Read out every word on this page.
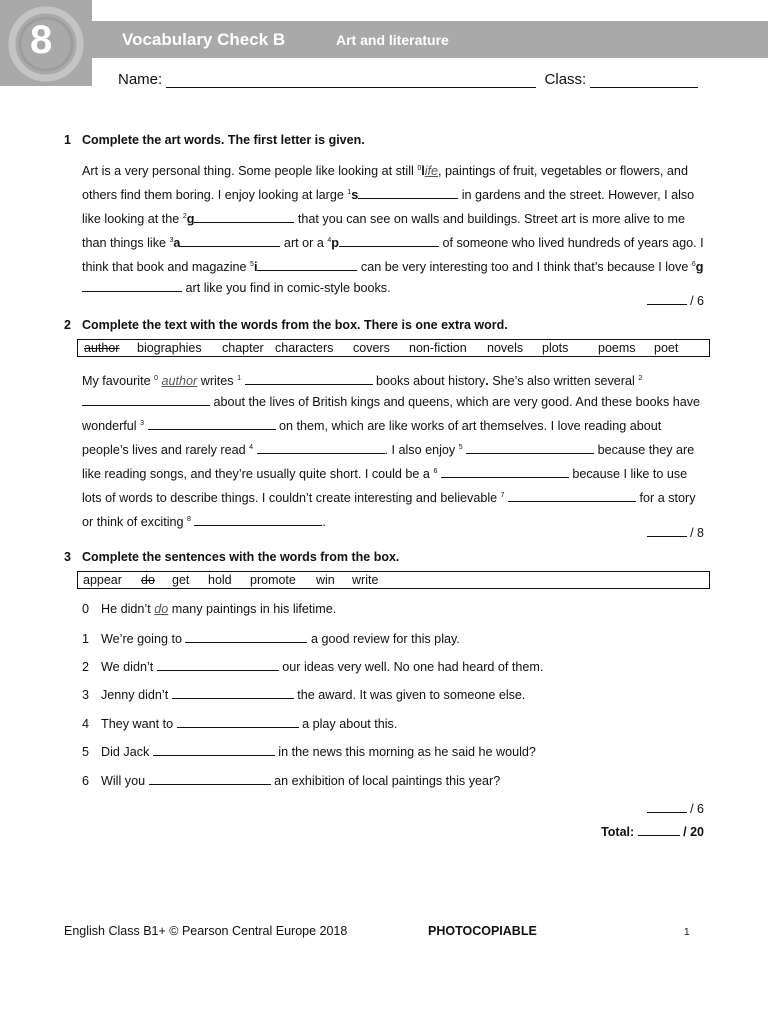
8	Vocabulary Check B	Art and literature
Name:	Class:
1 Complete the art words. The first letter is given.
Art is a very personal thing. Some people like looking at still $^0$life, paintings of fruit, vegetables or flowers, and others find them boring. I enjoy looking at large $^1$s	in gardens and the street. However, I also like looking at the $^2$g	that you can see on walls and buildings. Street art is more alive to me than things like $^3$a	art or a $^4$p	of someone who lived hundreds of years ago. I think that book and magazine $^5$i	can be very interesting too and I think that’s because I love $^6$g art like you find in comic-style books.
/ 6
2 Complete the text with the words from the box. There is one extra word.
author biographies chapter characters covers non-fiction novels plots poems poet
My favourite $^0$ author writes $^1$	books about history. She’s also written several $^2$  about the lives of British kings and queens, which are very good. And these books have wonderful $^3$	on them, which are like works of art themselves. I love reading about people’s lives and rarely read $^4$	. I also enjoy $^5$	because they are like reading songs, and they’re usually quite short. I could be a $^6$	because I like to use lots of words to describe things. I couldn’t create interesting and believable $^7$	for a story or think of exciting $^8$	.
/ 8
3 Complete the sentences with the words from the box.
appear do get hold promote win write
0 He didn’t do many paintings in his lifetime.
1 We’re going to	a good review for this play.
2 We didn’t	our ideas very well. No one had heard of them.
3 Jenny didn’t	the award. It was given to someone else.
4 They want to	a play about this.
5 Did Jack	in the news this morning as he said he would?
6 Will you	an exhibition of local paintings this year?
/ 6
Total:	/ 20
English Class B1+ © Pearson Central Europe 2018	PHOTOCOPIABLE	1
